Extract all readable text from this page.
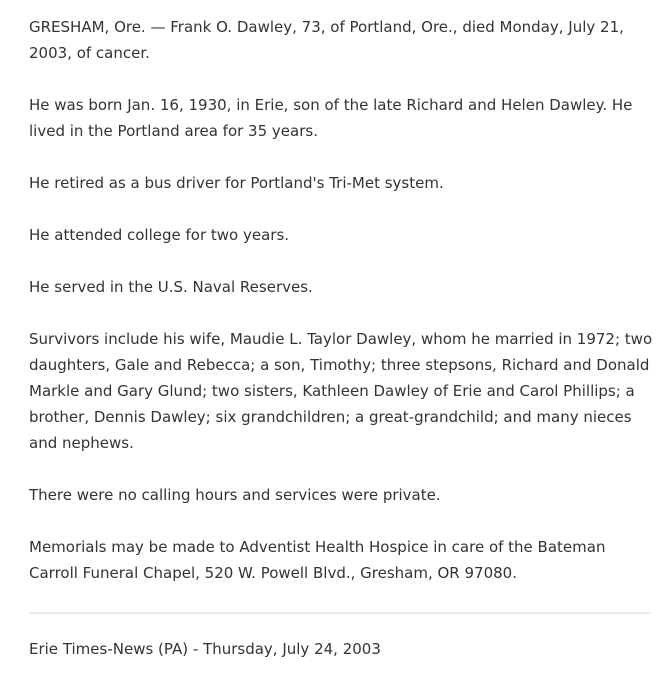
GRESHAM, Ore. — Frank O. Dawley, 73, of Portland, Ore., died Monday, July 21, 2003, of cancer.

He was born Jan. 16, 1930, in Erie, son of the late Richard and Helen Dawley. He lived in the Portland area for 35 years.

He retired as a bus driver for Portland's Tri-Met system.

He attended college for two years.

He served in the U.S. Naval Reserves.

Survivors include his wife, Maudie L. Taylor Dawley, whom he married in 1972; two daughters, Gale and Rebecca; a son, Timothy; three stepsons, Richard and Donald Markle and Gary Glund; two sisters, Kathleen Dawley of Erie and Carol Phillips; a brother, Dennis Dawley; six grandchildren; a great-grandchild; and many nieces and nephews.

There were no calling hours and services were private.

Memorials may be made to Adventist Health Hospice in care of the Bateman Carroll Funeral Chapel, 520 W. Powell Blvd., Gresham, OR 97080.

Erie Times-News (PA) - Thursday, July 24, 2003
